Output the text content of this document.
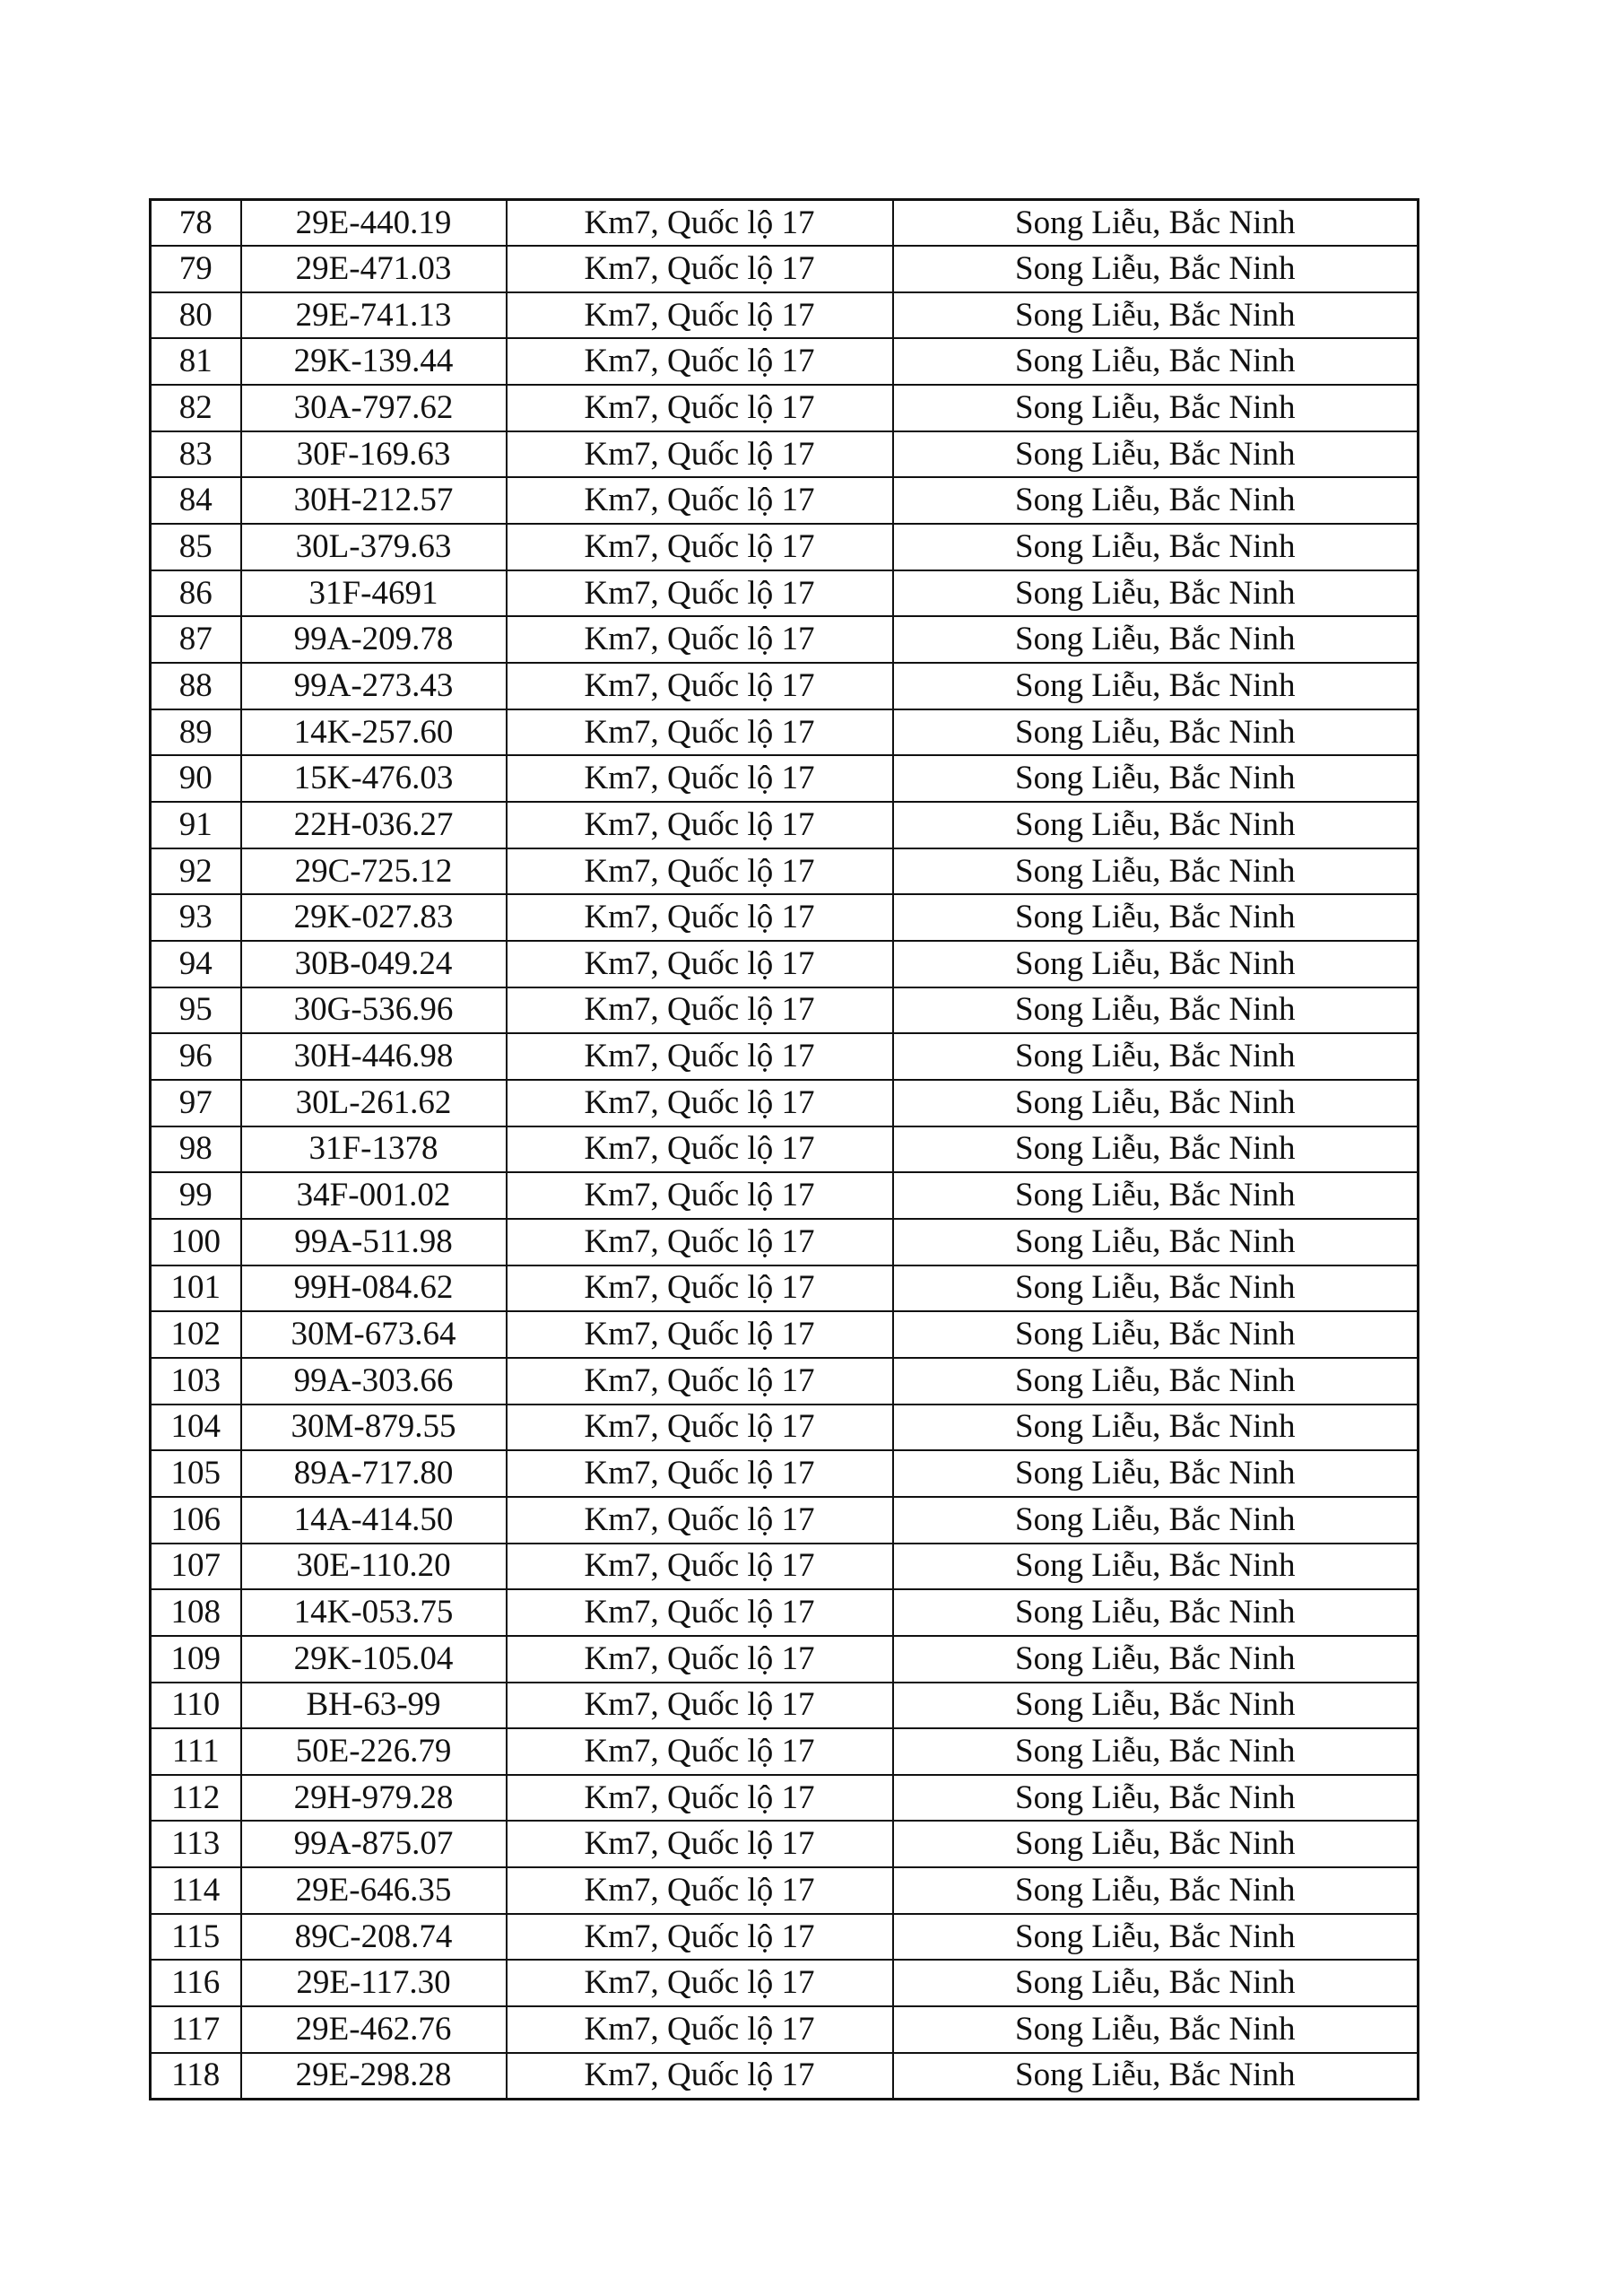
78	29E-440.19	Km7, Quốc lộ 17	Song Liễu, Bắc Ninh
79	29E-471.03	Km7, Quốc lộ 17	Song Liễu, Bắc Ninh
80	29E-741.13	Km7, Quốc lộ 17	Song Liễu, Bắc Ninh
81	29K-139.44	Km7, Quốc lộ 17	Song Liễu, Bắc Ninh
82	30A-797.62	Km7, Quốc lộ 17	Song Liễu, Bắc Ninh
83	30F-169.63	Km7, Quốc lộ 17	Song Liễu, Bắc Ninh
84	30H-212.57	Km7, Quốc lộ 17	Song Liễu, Bắc Ninh
85	30L-379.63	Km7, Quốc lộ 17	Song Liễu, Bắc Ninh
86	31F-4691	Km7, Quốc lộ 17	Song Liễu, Bắc Ninh
87	99A-209.78	Km7, Quốc lộ 17	Song Liễu, Bắc Ninh
88	99A-273.43	Km7, Quốc lộ 17	Song Liễu, Bắc Ninh
89	14K-257.60	Km7, Quốc lộ 17	Song Liễu, Bắc Ninh
90	15K-476.03	Km7, Quốc lộ 17	Song Liễu, Bắc Ninh
91	22H-036.27	Km7, Quốc lộ 17	Song Liễu, Bắc Ninh
92	29C-725.12	Km7, Quốc lộ 17	Song Liễu, Bắc Ninh
93	29K-027.83	Km7, Quốc lộ 17	Song Liễu, Bắc Ninh
94	30B-049.24	Km7, Quốc lộ 17	Song Liễu, Bắc Ninh
95	30G-536.96	Km7, Quốc lộ 17	Song Liễu, Bắc Ninh
96	30H-446.98	Km7, Quốc lộ 17	Song Liễu, Bắc Ninh
97	30L-261.62	Km7, Quốc lộ 17	Song Liễu, Bắc Ninh
98	31F-1378	Km7, Quốc lộ 17	Song Liễu, Bắc Ninh
99	34F-001.02	Km7, Quốc lộ 17	Song Liễu, Bắc Ninh
100	99A-511.98	Km7, Quốc lộ 17	Song Liễu, Bắc Ninh
101	99H-084.62	Km7, Quốc lộ 17	Song Liễu, Bắc Ninh
102	30M-673.64	Km7, Quốc lộ 17	Song Liễu, Bắc Ninh
103	99A-303.66	Km7, Quốc lộ 17	Song Liễu, Bắc Ninh
104	30M-879.55	Km7, Quốc lộ 17	Song Liễu, Bắc Ninh
105	89A-717.80	Km7, Quốc lộ 17	Song Liễu, Bắc Ninh
106	14A-414.50	Km7, Quốc lộ 17	Song Liễu, Bắc Ninh
107	30E-110.20	Km7, Quốc lộ 17	Song Liễu, Bắc Ninh
108	14K-053.75	Km7, Quốc lộ 17	Song Liễu, Bắc Ninh
109	29K-105.04	Km7, Quốc lộ 17	Song Liễu, Bắc Ninh
110	BH-63-99	Km7, Quốc lộ 17	Song Liễu, Bắc Ninh
111	50E-226.79	Km7, Quốc lộ 17	Song Liễu, Bắc Ninh
112	29H-979.28	Km7, Quốc lộ 17	Song Liễu, Bắc Ninh
113	99A-875.07	Km7, Quốc lộ 17	Song Liễu, Bắc Ninh
114	29E-646.35	Km7, Quốc lộ 17	Song Liễu, Bắc Ninh
115	89C-208.74	Km7, Quốc lộ 17	Song Liễu, Bắc Ninh
116	29E-117.30	Km7, Quốc lộ 17	Song Liễu, Bắc Ninh
117	29E-462.76	Km7, Quốc lộ 17	Song Liễu, Bắc Ninh
118	29E-298.28	Km7, Quốc lộ 17	Song Liễu, Bắc Ninh
